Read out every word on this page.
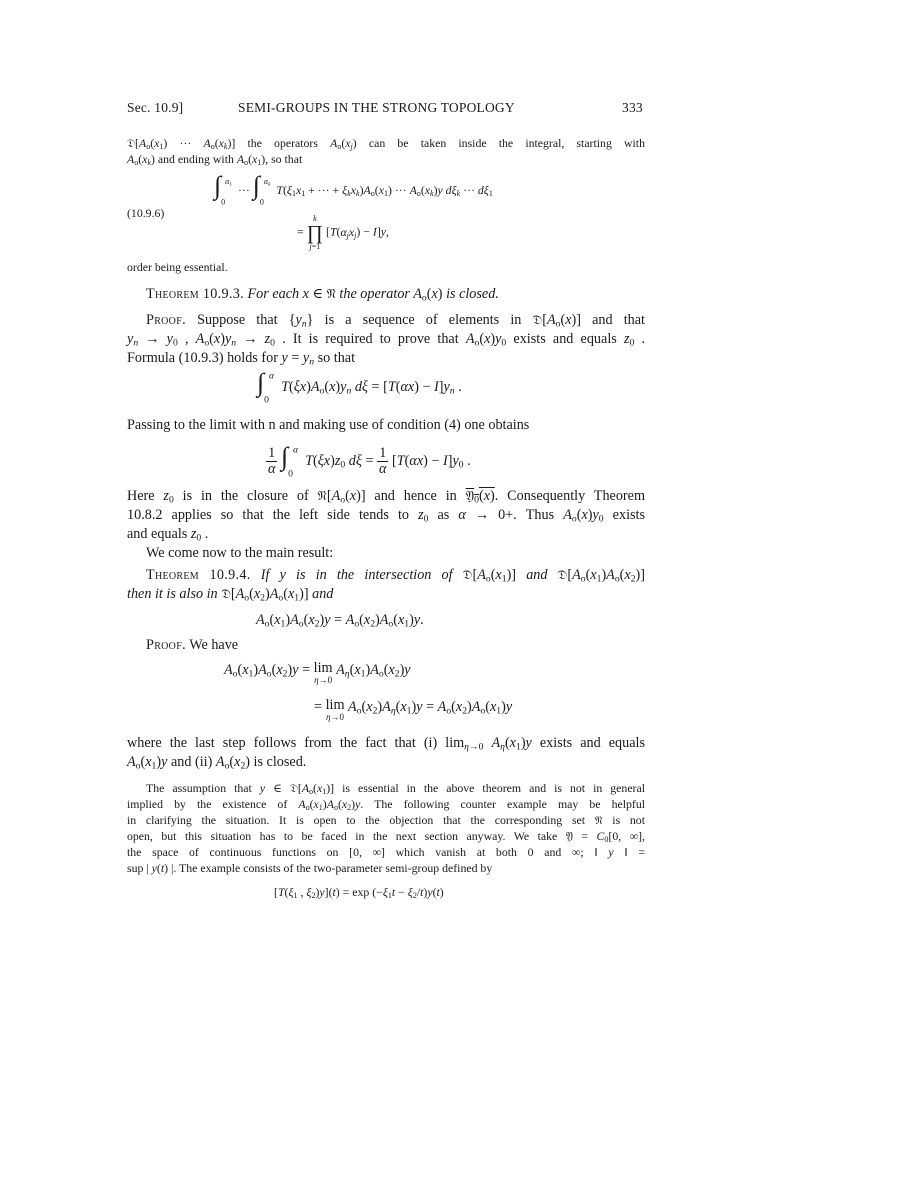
Sec. 10.9]	SEMI-GROUPS IN THE STRONG TOPOLOGY	333
$𝔇[A_o(x_1)$ ··· $A_o(x_k)$] the operators $A_o(x_j)$ can be taken inside the integral, starting with
$A_o(x_k)$ and ending with $A_o(x_1)$, so that
$\int_0^{\alpha_1}$  ··· $\int_0^{\alpha_k}$ $T(\xi_1x_1$ + ··· + $\xi_kx_k)A_o(x_1)$ ··· $A_o(x_k)y$ $d\xi_k$ ··· $d\xi_1$
(10.9.6)
=
k
∏
j=1
$[T(\alpha_jx_j) - I]y$,
order being essential.
Theorem 10.9.3. For each x ∈ 𝔑 the operator $A_o(x)$ is closed.
Proof. Suppose that $\{y_n\}$ is a sequence of elements in $𝔇[A_o(x)]$ and that
$y_n \to y_0$ , $A_o(x)y_n \to z_0$ . It is required to prove that $A_o(x)y_0$ exists and equals $z_0$ .
Formula (10.9.3) holds for $y = y_n$ so that
$\int_0^\alpha$  $T(\xi x)A_o(x)y_n$ $d\xi = [T(\alpha x) - I]y_n$ .
Passing to the limit with n and making use of condition (4) one obtains
$\frac{1}{\alpha} \int_0^\alpha$  $T(\xi x)z_0$ $d\xi = \frac{1}{\alpha} [T(\alpha x) - I]y_0$ .
Here $z_0$ is in the closure of $𝔑[A_o(x)]$ and hence in 𝔜$_0$(x). Consequently Theorem
10.8.2 applies so that the left side tends to $z_0$ as α → 0+. Thus $A_o(x)y_0$ exists
and equals $z_0$ .
We come now to the main result:
Theorem 10.9.4. If y is in the intersection of $𝔇[A_o(x_1)]$ and $𝔇[A_o(x_1)A_o(x_2)]$
then it is also in $𝔇[A_o(x_2)A_o(x_1)]$ and
$A_o(x_1)A_o(x_2)y = A_o(x_2)A_o(x_1)y$.
Proof. We have
$A_o(x_1)A_o(x_2)y = \lim$
η→0
$A_\eta(x_1)A_o(x_2)y$
= lim
η→0
$A_o(x_2)A_\eta(x_1)y = A_o(x_2)A_o(x_1)y$
where the last step follows from the fact that (i) $\lim_{\eta\to 0} A_\eta(x_1)y$ exists and equals
$A_o(x_1)y$ and (ii) $A_o(x_2)$ is closed.
The assumption that y ∈ $𝔇[A_o(x_1)]$ is essential in the above theorem and is not in general
implied by the existence of $A_o(x_1)A_o(x_2)y$. The following counter example may be helpful
in clarifying the situation. It is open to the objection that the corresponding set 𝔑 is not
open, but this situation has to be faced in the next section anyway. We take 𝔜 = $C_0[0$, ∞],
the space of continuous functions on [0, ∞] which vanish at both 0 and ∞; ‖ y ‖ =
sup | y(t) |. The example consists of the two-parameter semi-group defined by
[$T(\xi_1$ , $\xi_2)y](t) = \exp (-\xi_1t - \xi_2/t)y(t)$
